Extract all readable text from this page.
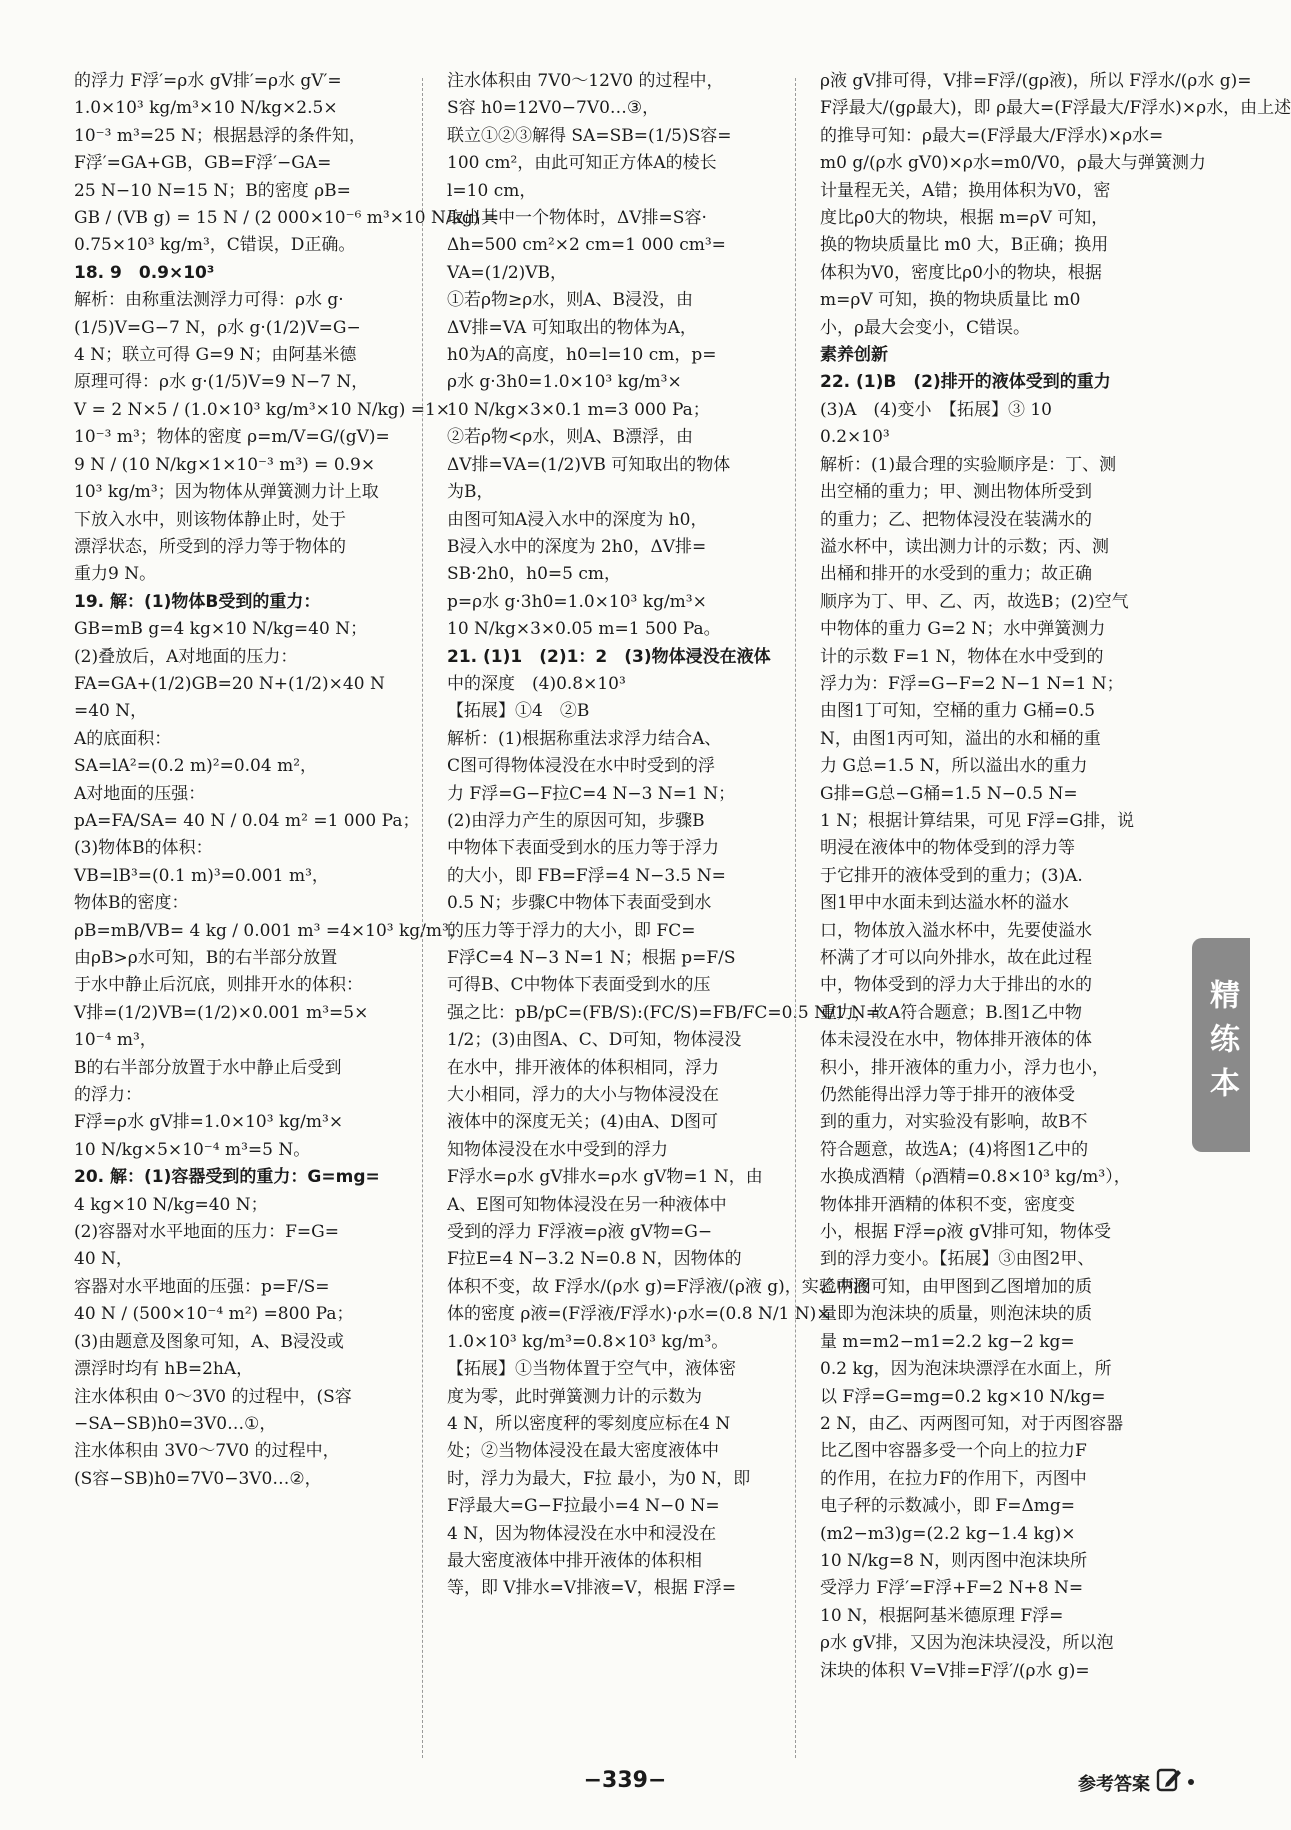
的浮力 F浮′=ρ水 gV排′=ρ水 gV′=
1.0×10³ kg/m³×10 N/kg×2.5×
10⁻³ m³=25 N；根据悬浮的条件知，
F浮′=GA+GB，GB=F浮′−GA=
25 N−10 N=15 N；B的密度 ρB=
GB / (VB g) = 15 N / (2 000×10⁻⁶ m³×10 N/kg) =
0.75×10³ kg/m³，C错误，D正确。
18. 9　0.9×10³
解析：由称重法测浮力可得：ρ水 g·
(1/5)V=G−7 N，ρ水 g·(1/2)V=G−
4 N；联立可得 G=9 N；由阿基米德
原理可得：ρ水 g·(1/5)V=9 N−7 N，
V = 2 N×5 / (1.0×10³ kg/m³×10 N/kg) =1×
10⁻³ m³；物体的密度 ρ=m/V=G/(gV)=
9 N / (10 N/kg×1×10⁻³ m³) = 0.9×
10³ kg/m³；因为物体从弹簧测力计上取
下放入水中，则该物体静止时，处于
漂浮状态，所受到的浮力等于物体的
重力9 N。
19. 解：(1)物体B受到的重力：
GB=mB g=4 kg×10 N/kg=40 N；
(2)叠放后，A对地面的压力：
FA=GA+(1/2)GB=20 N+(1/2)×40 N
=40 N，
A的底面积：
SA=lA²=(0.2 m)²=0.04 m²，
A对地面的压强：
pA=FA/SA= 40 N / 0.04 m² =1 000 Pa；
(3)物体B的体积：
VB=lB³=(0.1 m)³=0.001 m³，
物体B的密度：
ρB=mB/VB= 4 kg / 0.001 m³ =4×10³ kg/m³，
由ρB>ρ水可知，B的右半部分放置
于水中静止后沉底，则排开水的体积：
V排=(1/2)VB=(1/2)×0.001 m³=5×
10⁻⁴ m³，
B的右半部分放置于水中静止后受到
的浮力：
F浮=ρ水 gV排=1.0×10³ kg/m³×
10 N/kg×5×10⁻⁴ m³=5 N。
20. 解：(1)容器受到的重力：G=mg=
4 kg×10 N/kg=40 N；
(2)容器对水平地面的压力：F=G=
40 N，
容器对水平地面的压强：p=F/S=
40 N / (500×10⁻⁴ m²) =800 Pa；
(3)由题意及图象可知，A、B浸没或
漂浮时均有 hB=2hA，
注水体积由 0～3V0 的过程中，(S容
−SA−SB)h0=3V0…①，
注水体积由 3V0～7V0 的过程中，
(S容−SB)h0=7V0−3V0…②，
注水体积由 7V0～12V0 的过程中，
S容 h0=12V0−7V0…③，
联立①②③解得 SA=SB=(1/5)S容=
100 cm²，由此可知正方体A的棱长
l=10 cm，
取出其中一个物体时，ΔV排=S容·
Δh=500 cm²×2 cm=1 000 cm³=
VA=(1/2)VB，
①若ρ物≥ρ水，则A、B浸没，由
ΔV排=VA 可知取出的物体为A，
h0为A的高度，h0=l=10 cm，p=
ρ水 g·3h0=1.0×10³ kg/m³×
10 N/kg×3×0.1 m=3 000 Pa；
②若ρ物<ρ水，则A、B漂浮，由
ΔV排=VA=(1/2)VB 可知取出的物体
为B，
由图可知A浸入水中的深度为 h0，
B浸入水中的深度为 2h0，ΔV排=
SB·2h0，h0=5 cm，
p=ρ水 g·3h0=1.0×10³ kg/m³×
10 N/kg×3×0.05 m=1 500 Pa。
21. (1)1　(2)1：2　(3)物体浸没在液体
中的深度　(4)0.8×10³
【拓展】①4　②B
解析：(1)根据称重法求浮力结合A、
C图可得物体浸没在水中时受到的浮
力 F浮=G−F拉C=4 N−3 N=1 N；
(2)由浮力产生的原因可知，步骤B
中物体下表面受到水的压力等于浮力
的大小，即 FB=F浮=4 N−3.5 N=
0.5 N；步骤C中物体下表面受到水
的压力等于浮力的大小，即 FC=
F浮C=4 N−3 N=1 N；根据 p=F/S
可得B、C中物体下表面受到水的压
强之比：pB/pC=(FB/S):(FC/S)=FB/FC=0.5 N/1 N=
1/2；(3)由图A、C、D可知，物体浸没
在水中，排开液体的体积相同，浮力
大小相同，浮力的大小与物体浸没在
液体中的深度无关；(4)由A、D图可
知物体浸没在水中受到的浮力
F浮水=ρ水 gV排水=ρ水 gV物=1 N，由
A、E图可知物体浸没在另一种液体中
受到的浮力 F浮液=ρ液 gV物=G−
F拉E=4 N−3.2 N=0.8 N，因物体的
体积不变，故 F浮水/(ρ水 g)=F浮液/(ρ液 g)，实验中液
体的密度 ρ液=(F浮液/F浮水)·ρ水=(0.8 N/1 N)×
1.0×10³ kg/m³=0.8×10³ kg/m³。
【拓展】①当物体置于空气中，液体密
度为零，此时弹簧测力计的示数为
4 N，所以密度秤的零刻度应标在4 N
处；②当物体浸没在最大密度液体中
时，浮力为最大，F拉 最小，为0 N，即
F浮最大=G−F拉最小=4 N−0 N=
4 N，因为物体浸没在水中和浸没在
最大密度液体中排开液体的体积相
等，即 V排水=V排液=V，根据 F浮=
ρ液 gV排可得，V排=F浮/(gρ液)，所以 F浮水/(ρ水 g)=
F浮最大/(gρ最大)，即 ρ最大=(F浮最大/F浮水)×ρ水，由上述
的推导可知：ρ最大=(F浮最大/F浮水)×ρ水=
m0 g/(ρ水 gV0)×ρ水=m0/V0，ρ最大与弹簧测力
计量程无关，A错；换用体积为V0，密
度比ρ0大的物块，根据 m=ρV 可知，
换的物块质量比 m0 大，B正确；换用
体积为V0，密度比ρ0小的物块，根据
m=ρV 可知，换的物块质量比 m0
小，ρ最大会变小，C错误。
素养创新
22. (1)B　(2)排开的液体受到的重力
(3)A　(4)变小　【拓展】③ 10
0.2×10³
解析：(1)最合理的实验顺序是：丁、测
出空桶的重力；甲、测出物体所受到
的重力；乙、把物体浸没在装满水的
溢水杯中，读出测力计的示数；丙、测
出桶和排开的水受到的重力；故正确
顺序为丁、甲、乙、丙，故选B；(2)空气
中物体的重力 G=2 N；水中弹簧测力
计的示数 F=1 N，物体在水中受到的
浮力为：F浮=G−F=2 N−1 N=1 N；
由图1丁可知，空桶的重力 G桶=0.5
N，由图1丙可知，溢出的水和桶的重
力 G总=1.5 N，所以溢出水的重力
G排=G总−G桶=1.5 N−0.5 N=
1 N；根据计算结果，可见 F浮=G排，说
明浸在液体中的物体受到的浮力等
于它排开的液体受到的重力；(3)A.
图1甲中水面未到达溢水杯的溢水
口，物体放入溢水杯中，先要使溢水
杯满了才可以向外排水，故在此过程
中，物体受到的浮力大于排出的水的
重力，故A符合题意；B.图1乙中物
体未浸没在水中，物体排开液体的体
积小，排开液体的重力小，浮力也小，
仍然能得出浮力等于排开的液体受
到的重力，对实验没有影响，故B不
符合题意，故选A；(4)将图1乙中的
水换成酒精（ρ酒精=0.8×10³ kg/m³），
物体排开酒精的体积不变，密度变
小，根据 F浮=ρ液 gV排可知，物体受
到的浮力变小。【拓展】③由图2甲、
乙两图可知，由甲图到乙图增加的质
量即为泡沫块的质量，则泡沫块的质
量 m=m2−m1=2.2 kg−2 kg=
0.2 kg，因为泡沫块漂浮在水面上，所
以 F浮=G=mg=0.2 kg×10 N/kg=
2 N，由乙、丙两图可知，对于丙图容器
比乙图中容器多受一个向上的拉力F
的作用，在拉力F的作用下，丙图中
电子秤的示数减小，即 F=Δmg=
(m2−m3)g=(2.2 kg−1.4 kg)×
10 N/kg=8 N，则丙图中泡沫块所
受浮力 F浮′=F浮+F=2 N+8 N=
10 N，根据阿基米德原理 F浮=
ρ水 gV排，又因为泡沫块浸没，所以泡
沫块的体积 V=V排=F浮′/(ρ水 g)=
精练本
−339−	参考答案
